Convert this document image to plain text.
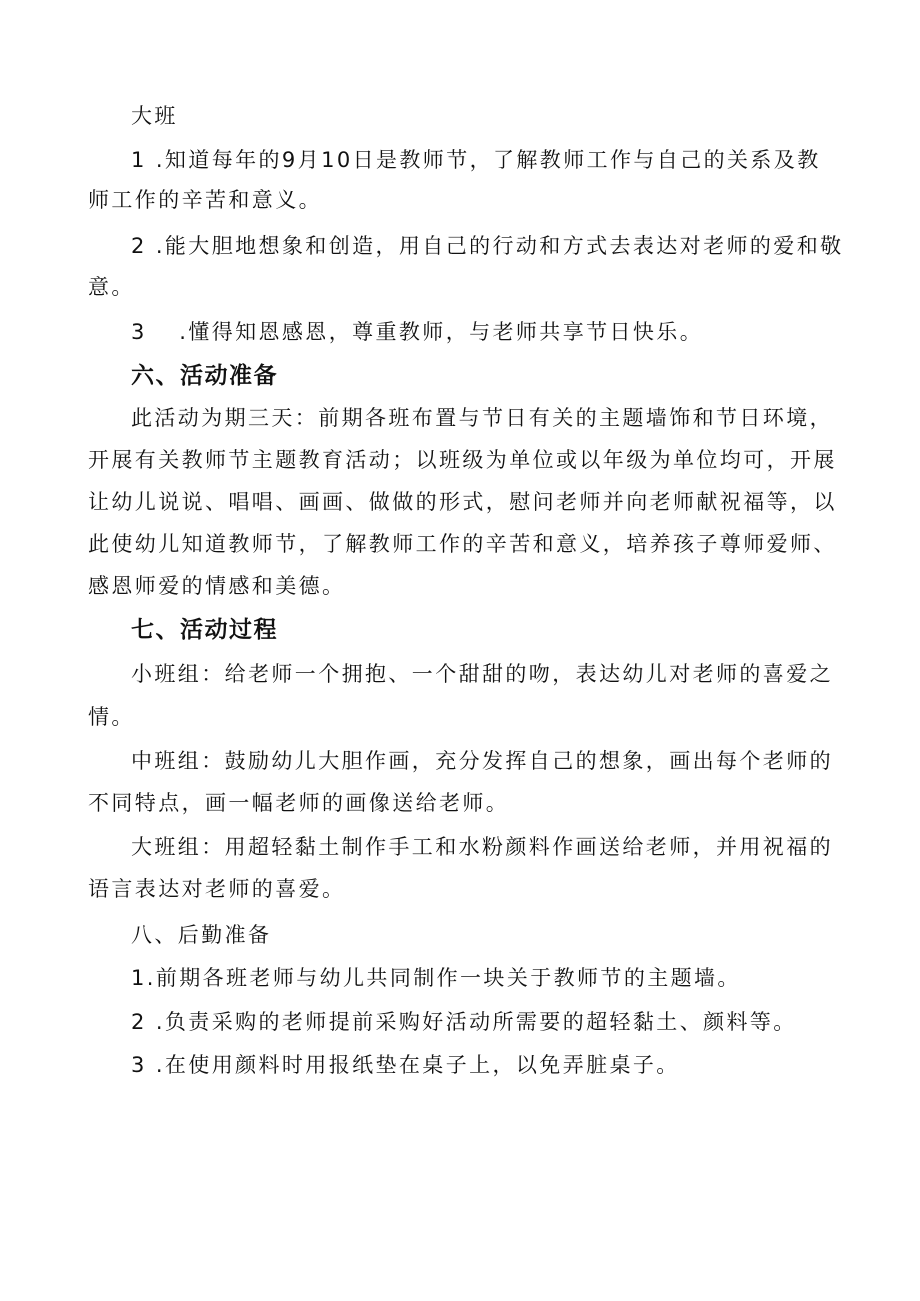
大班
1 .知道每年的9月10日是教师节，了解教师工作与自己的关系及教
师工作的辛苦和意义。
2 .能大胆地想象和创造，用自己的行动和方式去表达对老师的爱和敬
意。
3　 .懂得知恩感恩，尊重教师，与老师共享节日快乐。
六、活动准备
此活动为期三天：前期各班布置与节日有关的主题墙饰和节日环境，
开展有关教师节主题教育活动；以班级为单位或以年级为单位均可，开展
让幼儿说说、唱唱、画画、做做的形式，慰问老师并向老师献祝福等，以
此使幼儿知道教师节，了解教师工作的辛苦和意义，培养孩子尊师爱师、
感恩师爱的情感和美德。
七、活动过程
小班组：给老师一个拥抱、一个甜甜的吻，表达幼儿对老师的喜爱之
情。
中班组：鼓励幼儿大胆作画，充分发挥自己的想象，画出每个老师的
不同特点，画一幅老师的画像送给老师。
大班组：用超轻黏土制作手工和水粉颜料作画送给老师，并用祝福的
语言表达对老师的喜爱。
八、后勤准备
1.前期各班老师与幼儿共同制作一块关于教师节的主题墙。
2 .负责采购的老师提前采购好活动所需要的超轻黏土、颜料等。
3 .在使用颜料时用报纸垫在桌子上，以免弄脏桌子。
